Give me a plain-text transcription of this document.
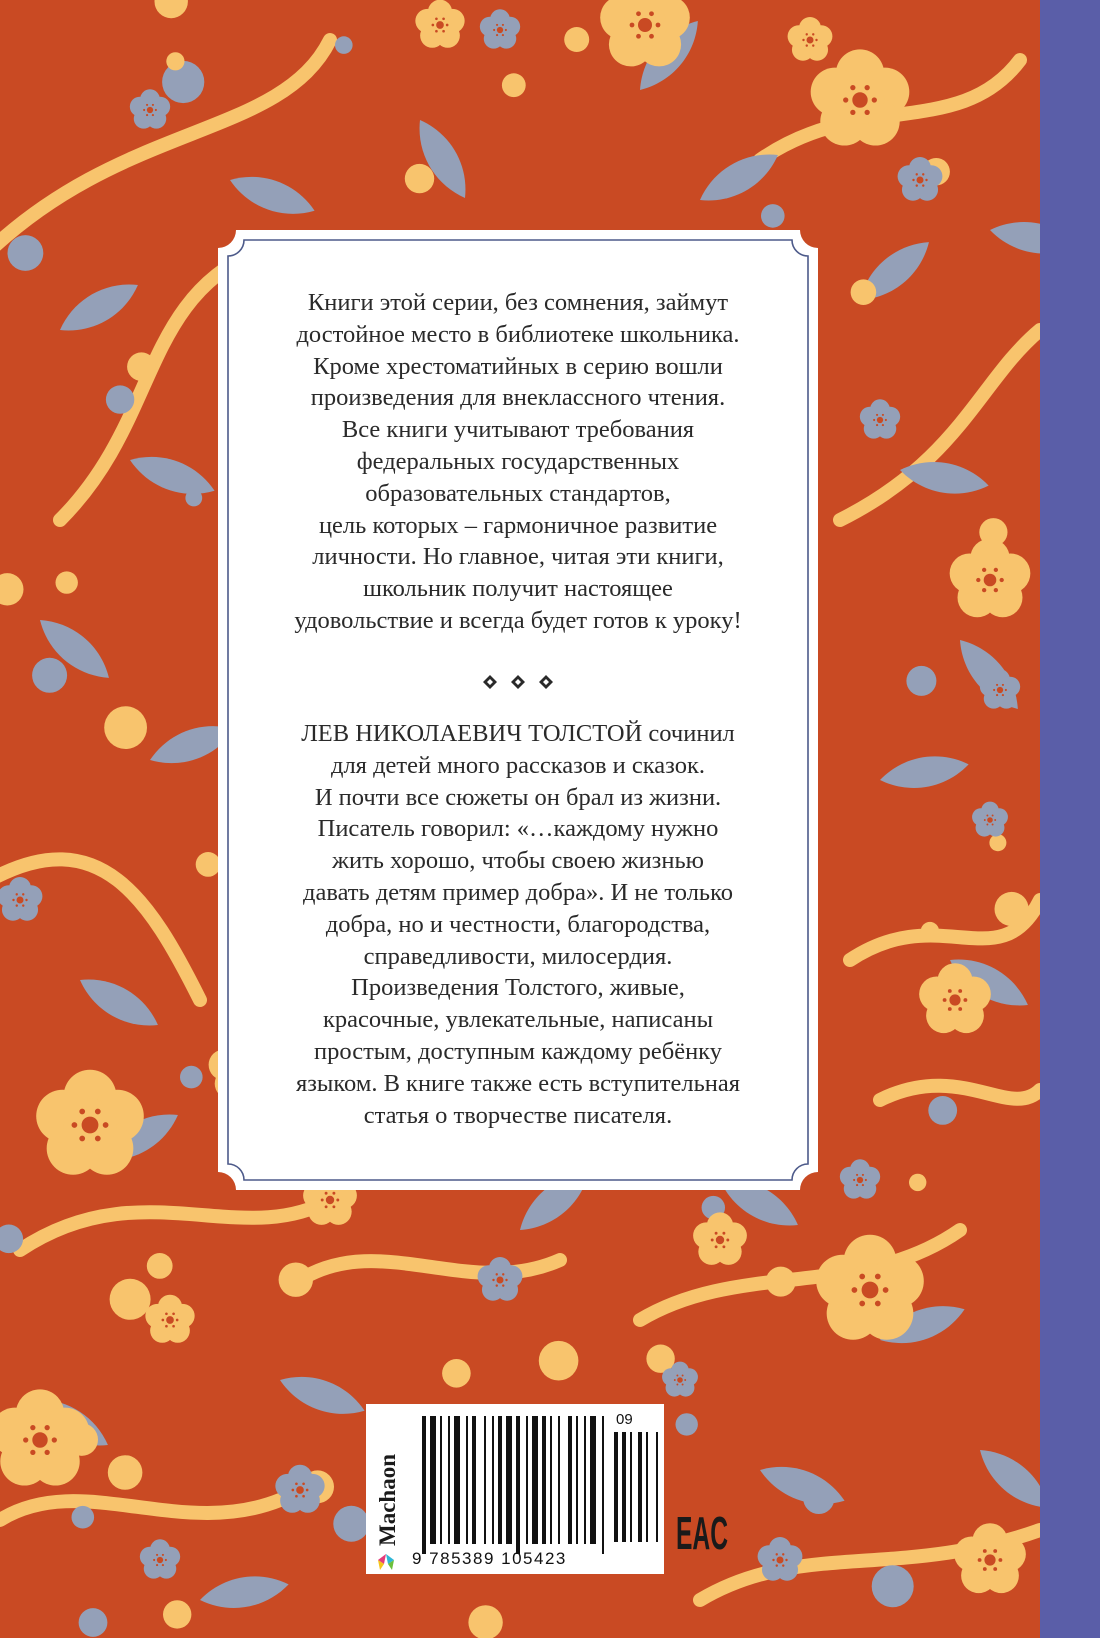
Книги этой серии, без сомнения, займут
достойное место в библиотеке школьника.
Кроме хрестоматийных в серию вошли
произведения для внеклассного чтения.
Все книги учитывают требования
федеральных государственных
образовательных стандартов,
цель которых – гармоничное развитие
личности. Но главное, читая эти книги,
школьник получит настоящее
удовольствие и всегда будет готов к уроку!
ЛЕВ НИКОЛАЕВИЧ ТОЛСТОЙ сочинил
для детей много рассказов и сказок.
И почти все сюжеты он брал из жизни.
Писатель говорил: «…каждому нужно
жить хорошо, чтобы своею жизнью
давать детям пример добра». И не только
добра, но и честности, благородства,
справедливости, милосердия.
Произведения Толстого, живые,
красочные, увлекательные, написаны
простым, доступным каждому ребёнку
языком. В книге также есть вступительная
статья о творчестве писателя.
Machaon
9 785389 105423
09
EAC
